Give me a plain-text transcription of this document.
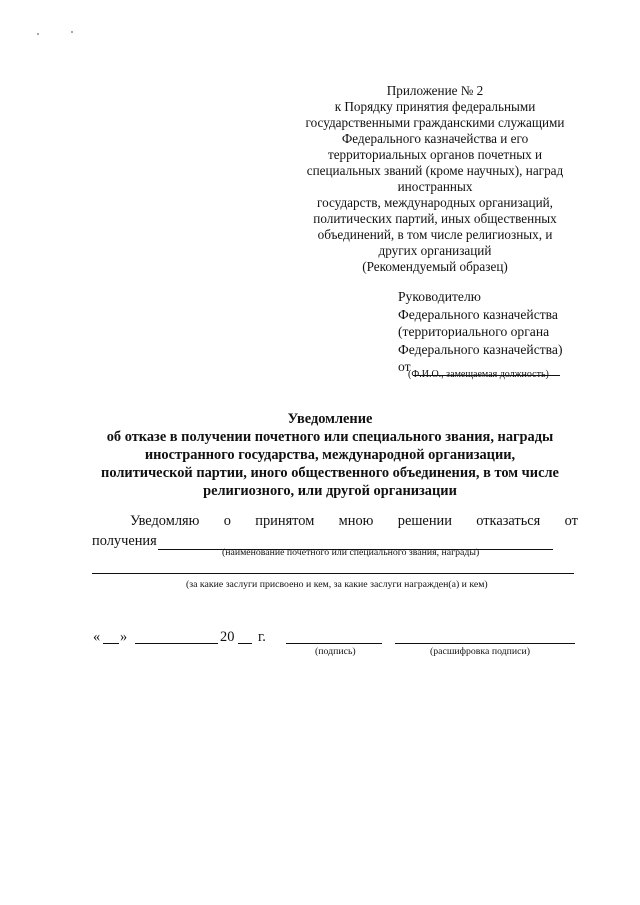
Приложение № 2
к Порядку принятия федеральными
государственными гражданскими служащими
Федерального казначейства и его
территориальных органов почетных и
специальных званий (кроме научных), наград
иностранных
государств, международных организаций,
политических партий, иных общественных
объединений, в том числе религиозных, и
других организаций
(Рекомендуемый образец)
Руководителю
Федерального казначейства
(территориального органа
Федерального казначейства)
от
(Ф.И.О., замещаемая должность)
Уведомление
об отказе в получении почетного или специального звания, награды
иностранного государства, международной организации,
политической партии, иного общественного объединения, в том числе
религиозного, или другой организации
Уведомляю о принятом мною решении отказаться от
получения
(наименование почетного или специального звания, награды)
(за какие заслуги присвоено и кем, за какие заслуги награжден(а) и кем)
« »	20 г.
(подпись)	(расшифровка подписи)
